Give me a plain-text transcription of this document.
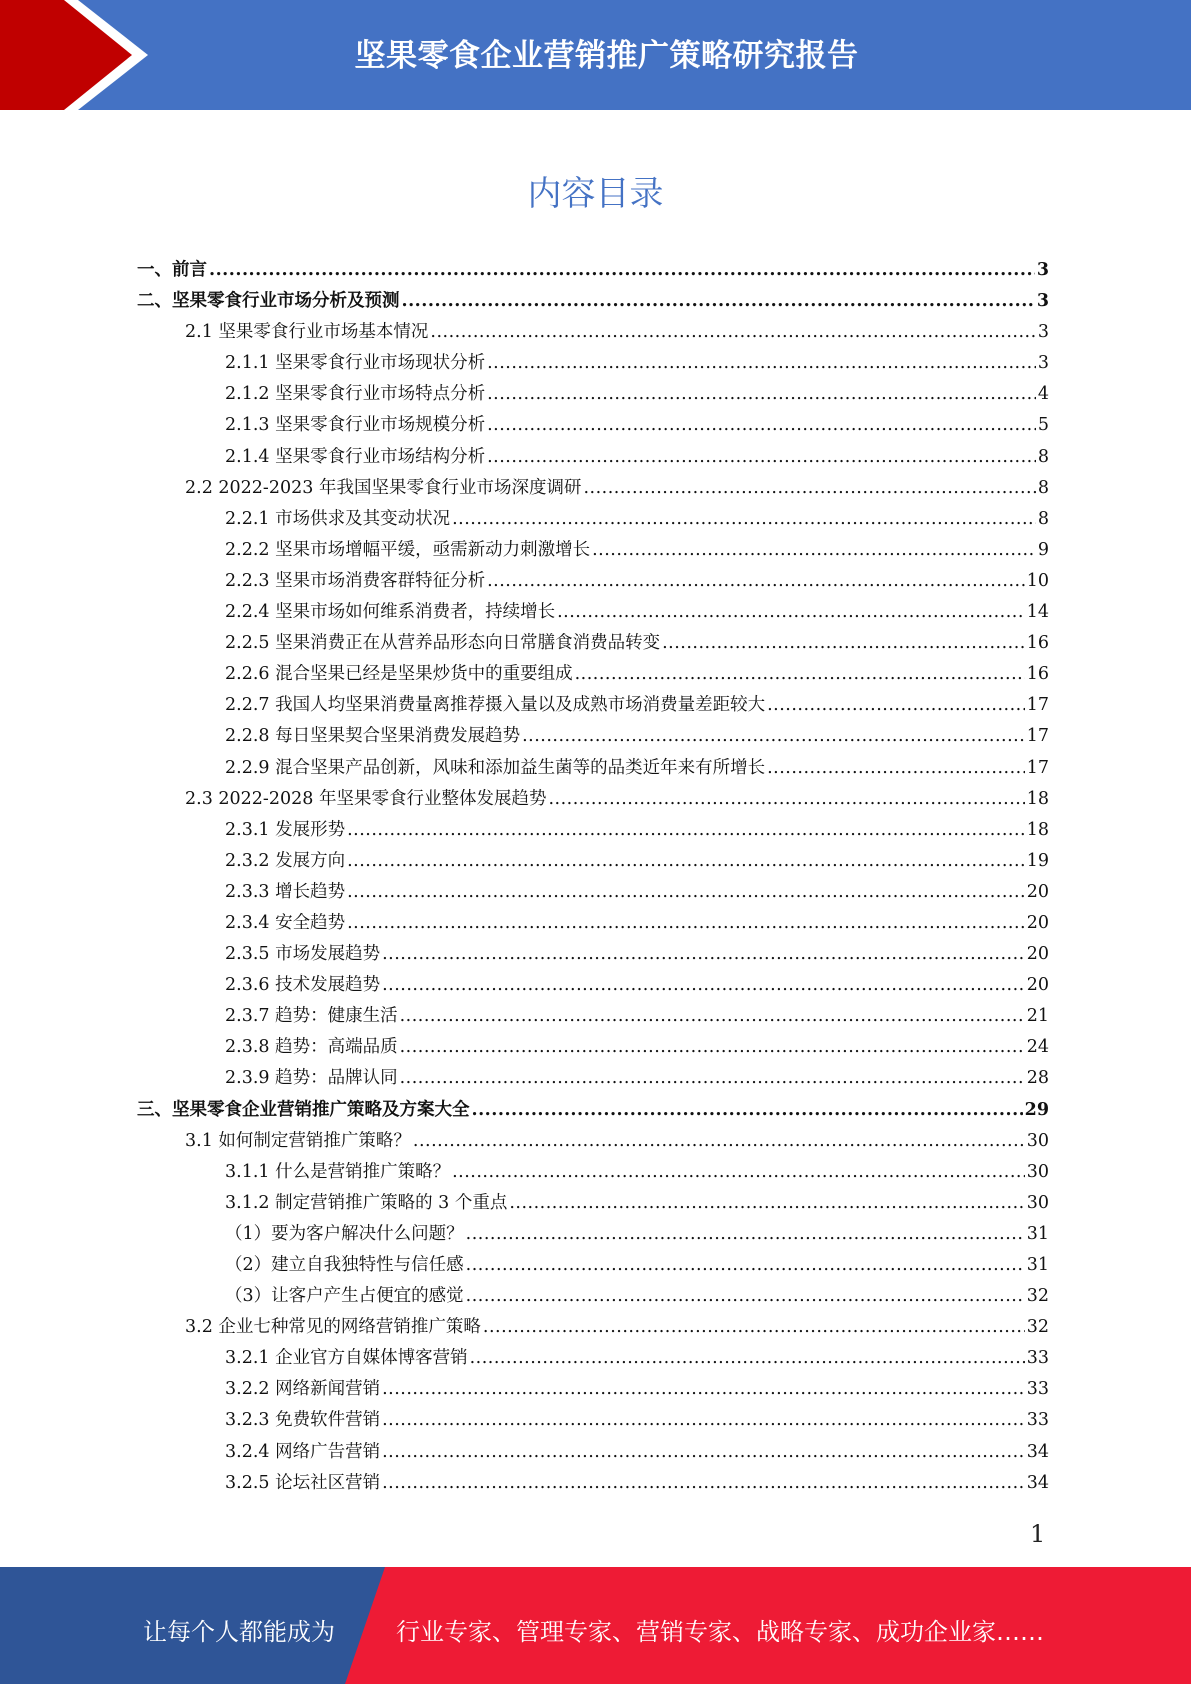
坚果零食企业营销推广策略研究报告
内容目录
一、前言 .....	3
二、坚果零食行业市场分析及预测 .....	3
2.1 坚果零食行业市场基本情况 .....	3
2.1.1 坚果零食行业市场现状分析 .....	3
2.1.2 坚果零食行业市场特点分析 .....	4
2.1.3 坚果零食行业市场规模分析 .....	5
2.1.4 坚果零食行业市场结构分析 .....	8
2.2 2022-2023 年我国坚果零食行业市场深度调研 .....	8
2.2.1 市场供求及其变动状况 .....	8
2.2.2 坚果市场增幅平缓，亟需新动力刺激增长 .....	9
2.2.3 坚果市场消费客群特征分析 .....	10
2.2.4 坚果市场如何维系消费者，持续增长 .....	14
2.2.5 坚果消费正在从营养品形态向日常膳食消费品转变 .....	16
2.2.6 混合坚果已经是坚果炒货中的重要组成 .....	16
2.2.7 我国人均坚果消费量离推荐摄入量以及成熟市场消费量差距较大 .....	17
2.2.8 每日坚果契合坚果消费发展趋势 .....	17
2.2.9 混合坚果产品创新，风味和添加益生菌等的品类近年来有所增长 .....	17
2.3 2022-2028 年坚果零食行业整体发展趋势 .....	18
2.3.1 发展形势 .....	18
2.3.2 发展方向 .....	19
2.3.3 增长趋势 .....	20
2.3.4 安全趋势 .....	20
2.3.5 市场发展趋势 .....	20
2.3.6 技术发展趋势 .....	20
2.3.7 趋势：健康生活 .....	21
2.3.8 趋势：高端品质 .....	24
2.3.9 趋势：品牌认同 .....	28
三、坚果零食企业营销推广策略及方案大全 .....	29
3.1 如何制定营销推广策略？ .....	30
3.1.1 什么是营销推广策略？ .....	30
3.1.2 制定营销推广策略的 3 个重点 .....	30
（1）要为客户解决什么问题？ .....	31
（2）建立自我独特性与信任感 .....	31
（3）让客户产生占便宜的感觉 .....	32
3.2 企业七种常见的网络营销推广策略 .....	32
3.2.1 企业官方自媒体博客营销 .....	33
3.2.2 网络新闻营销 .....	33
3.2.3 免费软件营销 .....	33
3.2.4 网络广告营销 .....	34
3.2.5 论坛社区营销 .....	34
1
让每个人都能成为	行业专家、管理专家、营销专家、战略专家、成功企业家……
